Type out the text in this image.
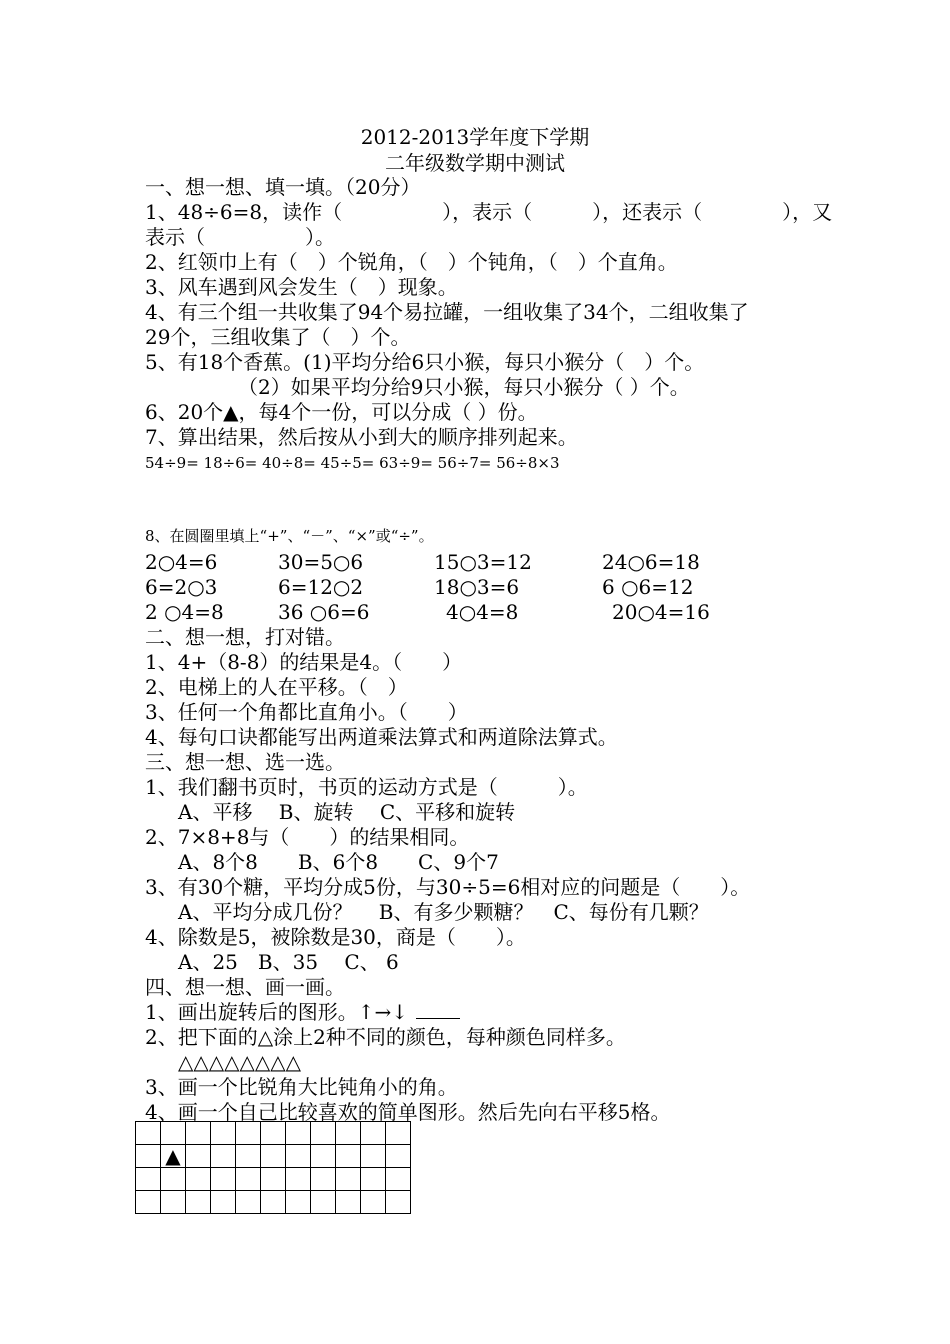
2012-2013学年度下学期
二年级数学期中测试
一、想一想、填一填。（20分）
1、48÷6=8，读作（　　　　　），表示（　　　），还表示（　　　　），又
表示（　　　　　）。
2、红领巾上有（　）个锐角，（　）个钝角，（　）个直角。
3、风车遇到风会发生（　）现象。
4、有三个组一共收集了94个易拉罐，一组收集了34个，二组收集了
29个，三组收集了（　）个。
5、有18个香蕉。(1)平均分给6只小猴，每只小猴分（　）个。
（2）如果平均分给9只小猴，每只小猴分（ ）个。
6、20个▲，每4个一份，可以分成（ ）份。
7、算出结果，然后按从小到大的顺序排列起来。
54÷9= 18÷6= 40÷8= 45÷5= 63÷9= 56÷7= 56÷8×3
8、在圆圈里填上“+”、“－”、“×”或“÷”。
2○4=6	30=5○6	15○3=12	24○6=18
6=2○3	6=12○2	18○3=6	6 ○6=12
2 ○4=8	36 ○6=6	4○4=8	20○4=16
二、想一想，打对错。
1、4+（8-8）的结果是4。（　　）
2、电梯上的人在平移。（　）
3、任何一个角都比直角小。（　　）
4、每句口诀都能写出两道乘法算式和两道除法算式。
三、想一想、选一选。
1、我们翻书页时，书页的运动方式是（　　　）。
A、平移　 B、旋转　 C、平移和旋转
2、7×8+8与（　　）的结果相同。
A、8个8　　B、6个8　　C、9个7
3、有30个糖，平均分成5份，与30÷5=6相对应的问题是（　　）。
A、平均分成几份？　 B、有多少颗糖？　C、每份有几颗？
4、除数是5，被除数是30，商是（　　）。
A、25　B、35　 C、 6
四、想一想、画一画。
1、画出旋转后的图形。↑→↓
2、把下面的△涂上2种不同的颜色，每种颜色同样多。
△△△△△△△△
3、画一个比锐角大比钝角小的角。
4、画一个自己比较喜欢的简单图形。然后先向右平移5格。

	▲									
